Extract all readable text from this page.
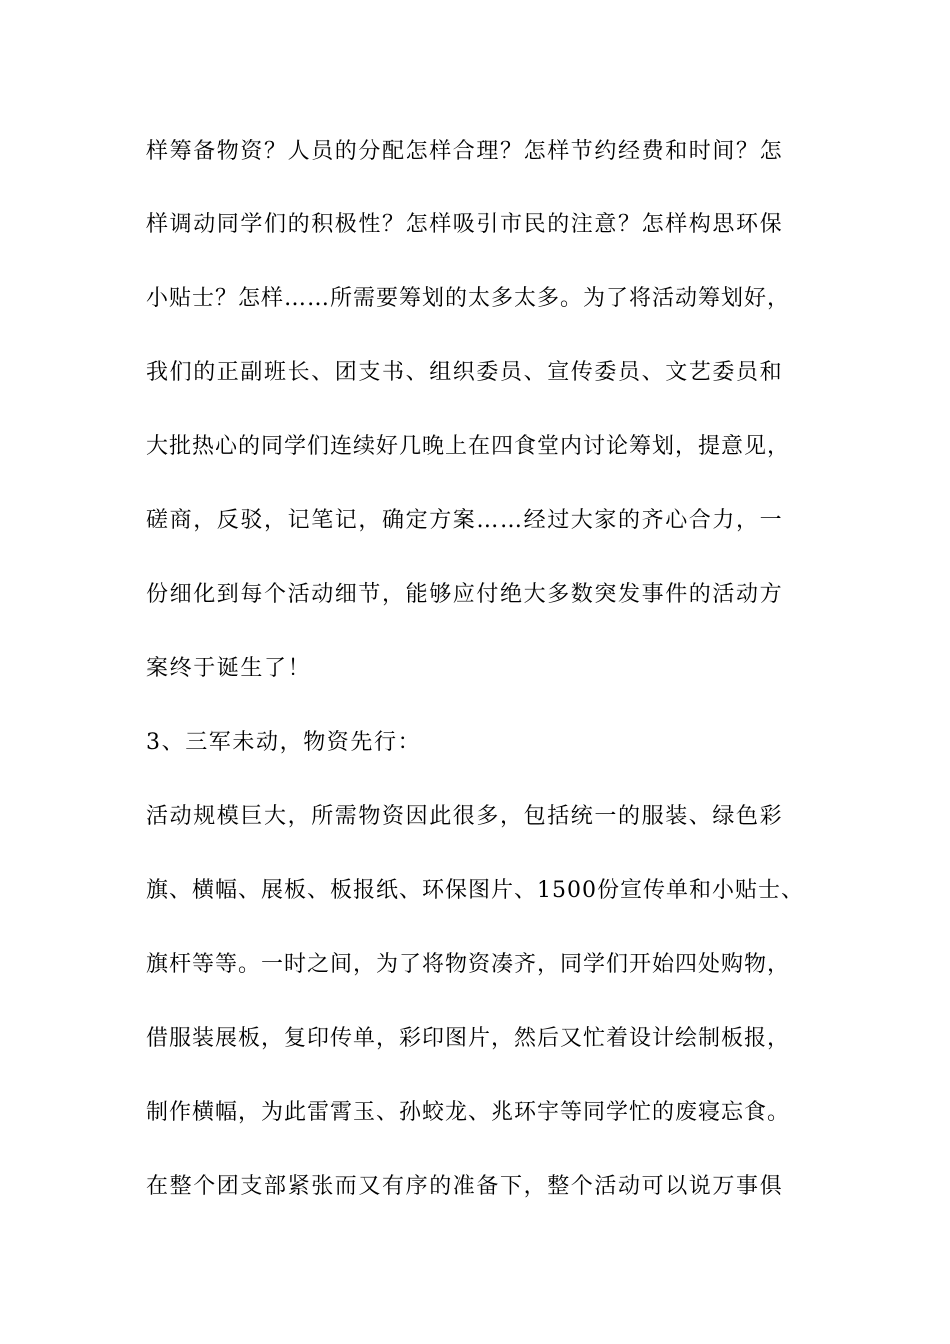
样筹备物资？人员的分配怎样合理？怎样节约经费和时间？怎

样调动同学们的积极性？怎样吸引市民的注意？怎样构思环保

小贴士？怎样……所需要筹划的太多太多。为了将活动筹划好，

我们的正副班长、团支书、组织委员、宣传委员、文艺委员和

大批热心的同学们连续好几晚上在四食堂内讨论筹划，提意见，

磋商，反驳，记笔记，确定方案……经过大家的齐心合力，一

份细化到每个活动细节，能够应付绝大多数突发事件的活动方

案终于诞生了！

3、三军未动，物资先行：

活动规模巨大，所需物资因此很多，包括统一的服装、绿色彩

旗、横幅、展板、板报纸、环保图片、1500份宣传单和小贴士、

旗杆等等。一时之间，为了将物资凑齐，同学们开始四处购物，

借服装展板，复印传单，彩印图片，然后又忙着设计绘制板报，

制作横幅，为此雷霄玉、孙蛟龙、兆环宇等同学忙的废寝忘食。

在整个团支部紧张而又有序的准备下，整个活动可以说万事俱
